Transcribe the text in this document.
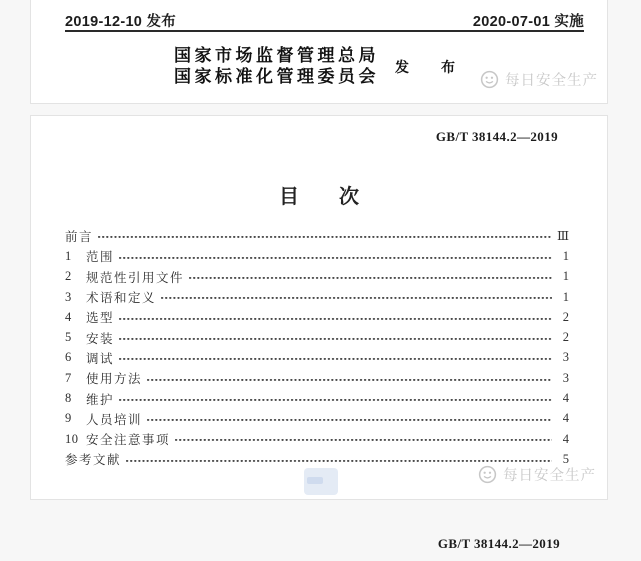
2019-12-10 发布	2020-07-01 实施
国家市场监督管理总局
国家标准化管理委员会 发　布
每日安全生产
GB/T 38144.2—2019
目　　次
前言	Ⅲ
1	范围	1
2	规范性引用文件	1
3	术语和定义	1
4	选型	2
5	安装	2
6	调试	3
7	使用方法	3
8	维护	4
9	人员培训	4
10 安全注意事项	4
参考文献	5
每日安全生产
GB/T 38144.2—2019
